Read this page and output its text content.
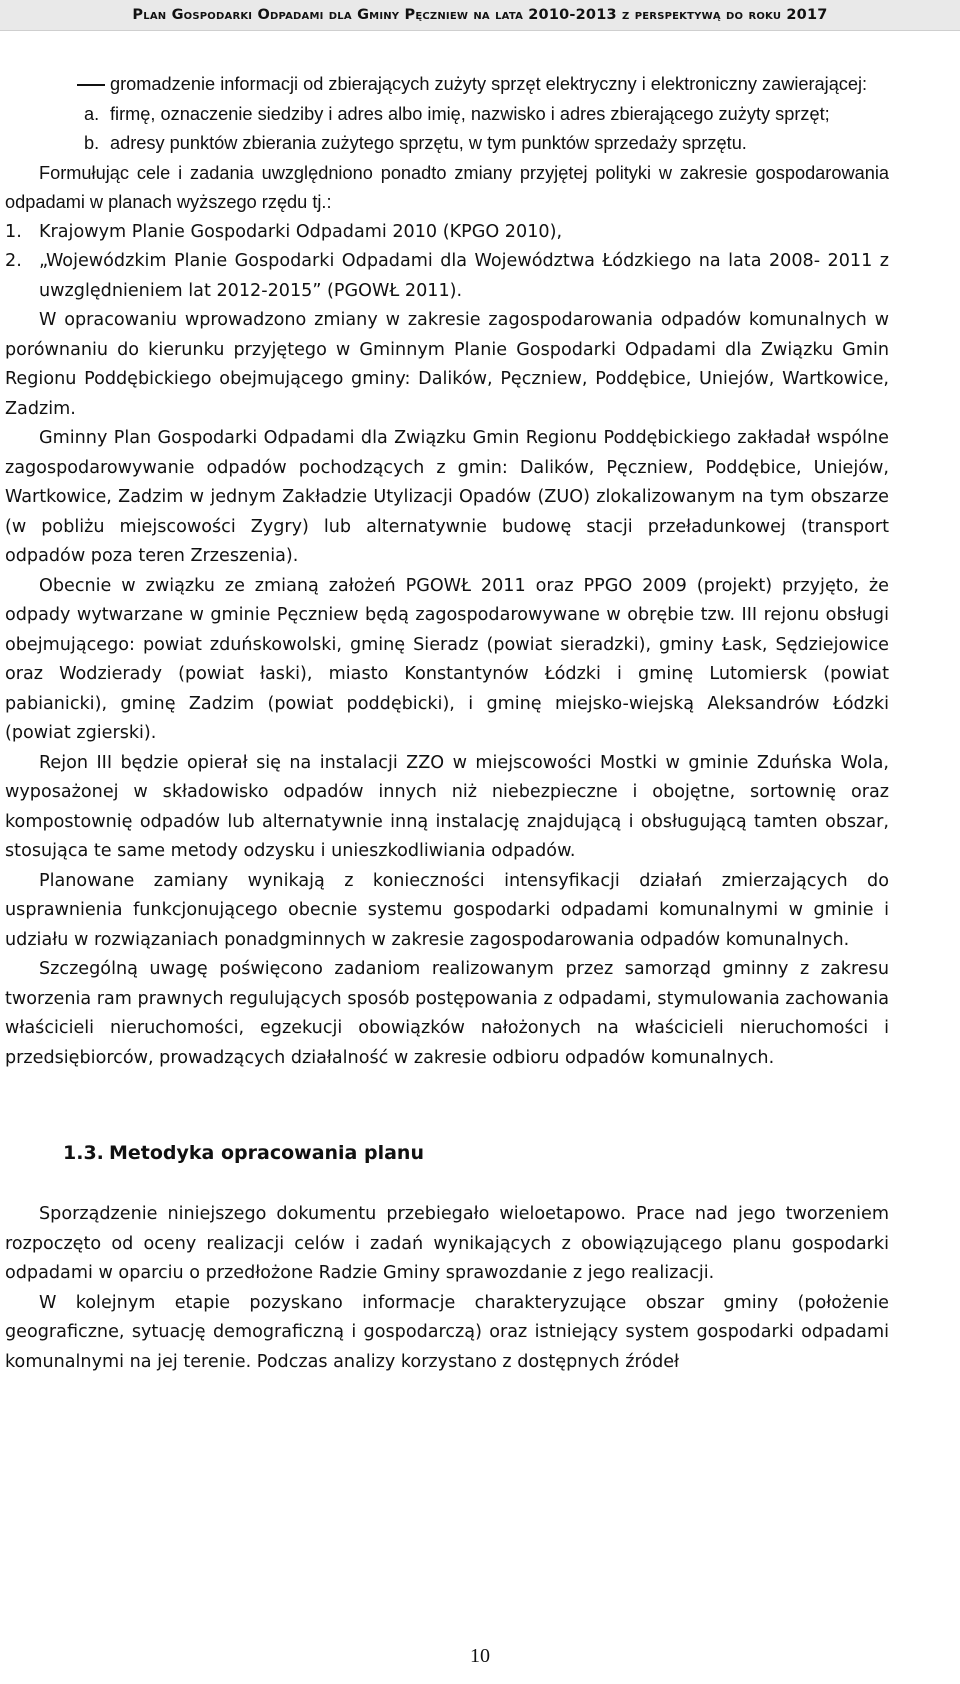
Plan Gospodarki Odpadami dla Gminy Pęczniew na lata 2010-2013 z perspektywą do roku 2017

gromadzenie informacji od zbierających zużyty sprzęt elektryczny i elektroniczny zawierającej:

a. firmę, oznaczenie siedziby i adres albo imię, nazwisko i adres zbierającego zużyty sprzęt;

b. adresy punktów zbierania zużytego sprzętu, w tym punktów sprzedaży sprzętu.

Formułując cele i zadania uwzględniono ponadto zmiany przyjętej polityki w zakresie gospodarowania odpadami w planach wyższego rzędu tj.:

1. Krajowym Planie Gospodarki Odpadami 2010 (KPGO 2010),

2. „Wojewódzkim Planie Gospodarki Odpadami dla Województwa Łódzkiego na lata 2008- 2011 z uwzględnieniem lat 2012-2015” (PGOWŁ 2011).

W opracowaniu wprowadzono zmiany w zakresie zagospodarowania odpadów komunalnych w porównaniu do kierunku przyjętego w Gminnym Planie Gospodarki Odpadami dla Związku Gmin Regionu Poddębickiego obejmującego gminy: Dalików, Pęczniew, Poddębice, Uniejów, Wartkowice, Zadzim.

Gminny Plan Gospodarki Odpadami dla Związku Gmin Regionu Poddębickiego zakładał wspólne zagospodarowywanie odpadów pochodzących z gmin: Dalików, Pęczniew, Poddębice, Uniejów, Wartkowice, Zadzim w jednym Zakładzie Utylizacji Opadów (ZUO) zlokalizowanym na tym obszarze (w pobliżu miejscowości Zygry) lub alternatywnie budowę stacji przeładunkowej (transport odpadów poza teren Zrzeszenia).

Obecnie w związku ze zmianą założeń PGOWŁ 2011 oraz PPGO 2009 (projekt) przyjęto, że odpady wytwarzane w gminie Pęczniew będą zagospodarowywane w obrębie tzw. III rejonu obsługi obejmującego: powiat zduńskowolski, gminę Sieradz (powiat sieradzki), gminy Łask, Sędziejowice oraz Wodzierady (powiat łaski), miasto Konstantynów Łódzki i gminę Lutomiersk (powiat pabianicki), gminę Zadzim (powiat poddębicki), i gminę miejsko-wiejską Aleksandrów Łódzki (powiat zgierski).

Rejon III będzie opierał się na instalacji ZZO w miejscowości Mostki w gminie Zduńska Wola, wyposażonej w składowisko odpadów innych niż niebezpieczne i obojętne, sortownię oraz kompostownię odpadów lub alternatywnie inną instalację znajdującą i obsługującą tamten obszar, stosująca te same metody odzysku i unieszkodliwiania odpadów.

Planowane zamiany wynikają z konieczności intensyfikacji działań zmierzających do usprawnienia funkcjonującego obecnie systemu gospodarki odpadami komunalnymi w gminie i udziału w rozwiązaniach ponadgminnych w zakresie zagospodarowania odpadów komunalnych.

Szczególną uwagę poświęcono zadaniom realizowanym przez samorząd gminny z zakresu tworzenia ram prawnych regulujących sposób postępowania z odpadami, stymulowania zachowania właścicieli nieruchomości, egzekucji obowiązków nałożonych na właścicieli nieruchomości i przedsiębiorców, prowadzących działalność w zakresie odbioru odpadów komunalnych.

1.3. Metodyka opracowania planu

Sporządzenie niniejszego dokumentu przebiegało wieloetapowo. Prace nad jego tworzeniem rozpoczęto od oceny realizacji celów i zadań wynikających z obowiązującego planu gospodarki odpadami w oparciu o przedłożone Radzie Gminy sprawozdanie z jego realizacji.

W kolejnym etapie pozyskano informacje charakteryzujące obszar gminy (położenie geograficzne, sytuację demograficzną i gospodarczą) oraz istniejący system gospodarki odpadami komunalnymi na jej terenie. Podczas analizy korzystano z dostępnych źródeł

10
